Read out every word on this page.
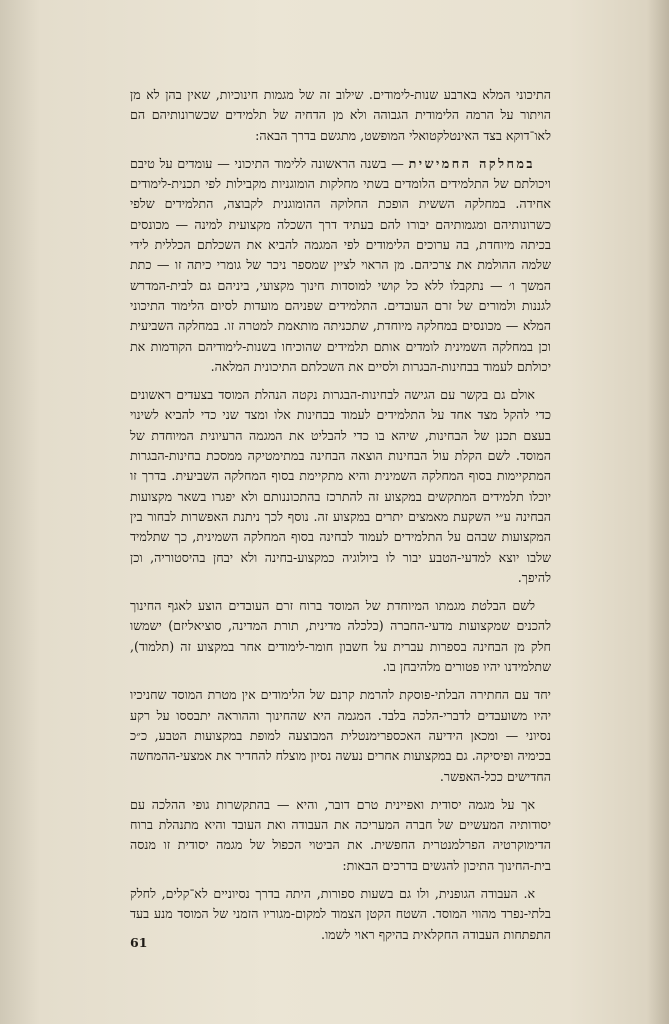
התיכוני המלא בארבע שנות-לימודים. שילוב זה של מגמות חינוכיות, שאין בהן לא מן הויתור על הרמה הלימודית הגבוהה ולא מן הדחיה של תלמידים שכשרונותיהם הם לאו־דוקא בצד האינטלקטואלי המופשט, מתגשם בדרך הבאה:

במחלקה החמישית — בשנה הראשונה ללימוד התיכוני — עומדים על טיבם ויכולתם של התלמידים הלומדים בשתי מחלקות הומוגניות מקבילות לפי תכנית-לימודים אחידה. במחלקה הששית הופכת החלוקה ההומוגנית לקבוצה, התלמידים שלפי כשרונותיהם ומגמותיהם יבורו להם בעתיד דרך השכלה מקצועית למינה — מכונסים בכיתה מיוחדת, בה ערוכים הלימודים לפי המגמה להביא את השכלתם הכללית לידי שלמה ההולמת את צרכיהם. מן הראוי לציין שמספר ניכר של גומרי כיתה זו — כתת המשך ו׳ — נתקבלו ללא כל קושי למוסדות חינוך מקצועי, ביניהם גם לבית-המדרש לגננות ולמורים של זרם העובדים. התלמידים שפניהם מועדות לסיום הלימוד התיכוני המלא — מכונסים במחלקה מיוחדת, שתכניתה מותאמת למטרה זו. במחלקה השביעית וכן במחלקה השמינית לומדים אותם תלמידים שהוכיחו בשנות-לימודיהם הקודמות את יכולתם לעמוד בבחינות-הבגרות ולסיים את השכלתם התיכונית המלאה.

אולם גם בקשר עם הגישה לבחינות-הבגרות נקטה הנהלת המוסד בצעדים ראשונים כדי להקל מצד אחד על התלמידים לעמוד בבחינות אלו ומצד שני כדי להביא לשינוי בעצם תכנן של הבחינות, שיהא בו כדי להבליט את המגמה הרעיונית המיוחדת של המוסד. לשם הקלת עול הבחינות הוצאה הבחינה במתימטיקה ממסכת בחינות-הבגרות המתקיימות בסוף המחלקה השמינית והיא מתקיימת בסוף המחלקה השביעית. בדרך זו יוכלו תלמידים המתקשים במקצוע זה להתרכז בהתכוננותם ולא יפגרו בשאר מקצועות הבחינה ע״י השקעת מאמצים יתרים במקצוע זה. נוסף לכך ניתנת האפשרות לבחור בין המקצועות שבהם על התלמידים לעמוד לבחינה בסוף המחלקה השמינית, כך שתלמיד שלבו יוצא למדעי-הטבע יבור לו ביולוגיה כמקצוע-בחינה ולא יבחן בהיסטוריה, וכן להיפך.

לשם הבלטת מגמתו המיוחדת של המוסד ברוח זרם העובדים הוצע לאגף החינוך להכנים שמקצועות מדעי-החברה (כלכלה מדינית, תורת המדינה, סוציאליזם) ישמשו חלק מן הבחינה בספרות עברית על חשבון חומר-לימודים אחר במקצוע זה (תלמוד), שתלמידנו יהיו פטורים מלהיבחן בו.

יחד עם החתירה הבלתי-פוסקת להרמת קרנם של הלימודים אין מטרת המוסד שחניכיו יהיו משועבדים לדברי-הלכה בלבד. המגמה היא שהחינוך וההוראה יתבססו על רקע נסיוני — ומכאן הידיעה האכספרימנטלית המבוצעה למופת במקצועות הטבע, כ״כ בכימיה ופיסיקה. גם במקצועות אחרים נעשה נסיון מוצלח להחדיר את אמצעי-ההמחשה החדישים ככל-האפשר.

אך על מגמה יסודית ואפיינית טרם דובר, והיא — בהתקשרות גופי ההלכה עם יסודותיה המעשיים של חברה המעריכה את העבודה ואת העובד והיא מתנהלת ברוח הדימוקרטיה הפרלמנטרית החפשית. את הביטוי הכפול של מגמה יסודית זו מנסה בית-החינוך התיכון להגשים בדרכים הבאות:

א. העבודה הגופנית, ולו גם בשעות ספורות, היתה בדרך נסיוניים לא־קלים, לחלק בלתי-נפרד מהווי המוסד. השטח הקטן הצמוד למקום-מגוריו הזמני של המוסד מנע בעד התפתחות העבודה החקלאית בהיקף ראוי לשמו.

61
